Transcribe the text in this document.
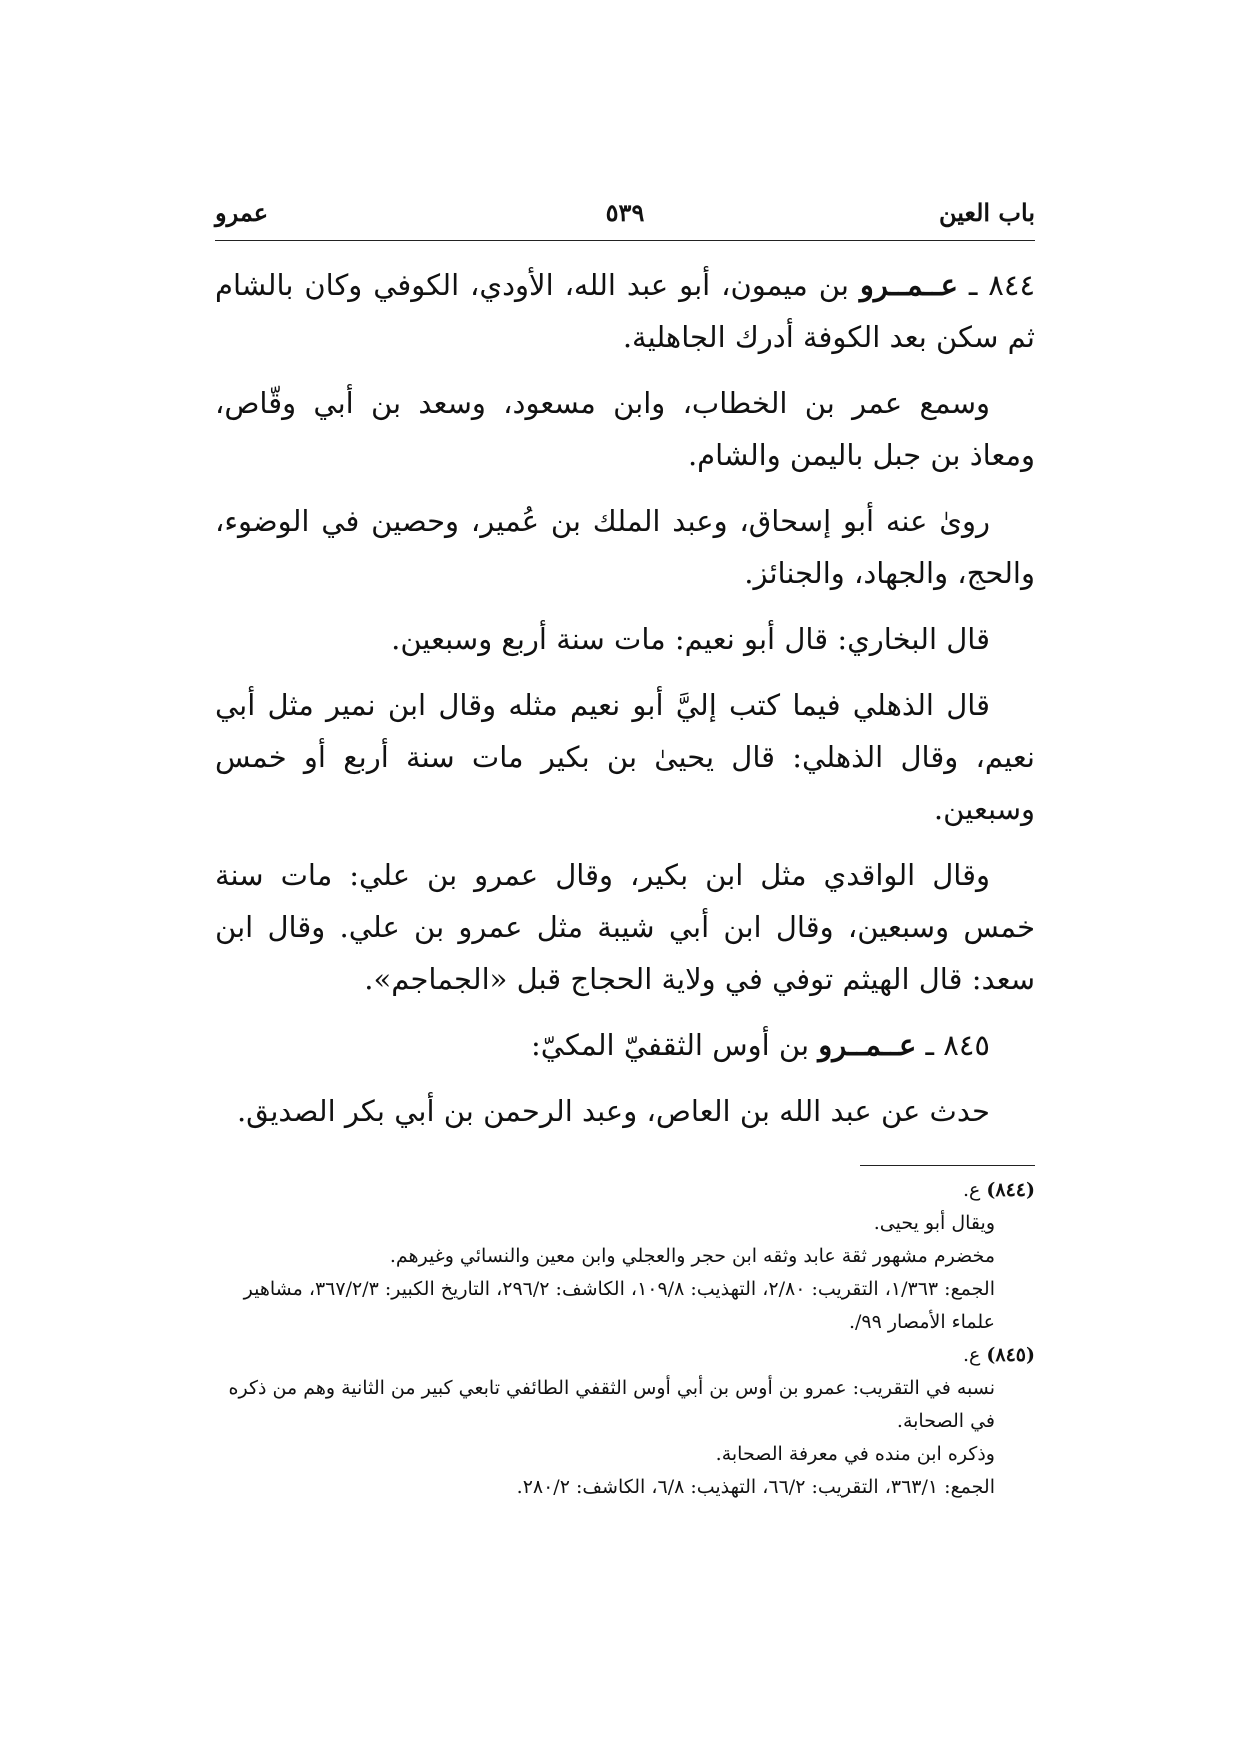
باب العين
٥٣٩
عمرو

٨٤٤ ـ عــمــرو بن ميمون، أبو عبد الله، الأودي، الكوفي وكان بالشام ثم سكن بعد الكوفة أدرك الجاهلية.

وسمع عمر بن الخطاب، وابن مسعود، وسعد بن أبي وقّاص، ومعاذ بن جبل باليمن والشام.

روىٰ عنه أبو إسحاق، وعبد الملك بن عُمير، وحصين في الوضوء، والحج، والجهاد، والجنائز.

قال البخاري: قال أبو نعيم: مات سنة أربع وسبعين.

قال الذهلي فيما كتب إليَّ أبو نعيم مثله وقال ابن نمير مثل أبي نعيم، وقال الذهلي: قال يحيىٰ بن بكير مات سنة أربع أو خمس وسبعين.

وقال الواقدي مثل ابن بكير، وقال عمرو بن علي: مات سنة خمس وسبعين، وقال ابن أبي شيبة مثل عمرو بن علي. وقال ابن سعد: قال الهيثم توفي في ولاية الحجاج قبل «الجماجم».

٨٤٥ ـ عــمــرو بن أوس الثقفيّ المكيّ:

حدث عن عبد الله بن العاص، وعبد الرحمن بن أبي بكر الصديق.

(٨٤٤) ع.

ويقال أبو يحيى.

مخضرم مشهور ثقة عابد وثقه ابن حجر والعجلي وابن معين والنسائي وغيرهم.

الجمع: ١/٣٦٣، التقريب: ٢/٨٠، التهذيب: ١٠٩/٨، الكاشف: ٢٩٦/٢، التاريخ الكبير: ٣٦٧/٢/٣، مشاهير علماء الأمصار ٩٩/.

(٨٤٥) ع.

نسبه في التقريب: عمرو بن أوس بن أبي أوس الثقفي الطائفي تابعي كبير من الثانية وهم من ذكره في الصحابة.

وذكره ابن منده في معرفة الصحابة.

الجمع: ٣٦٣/١، التقريب: ٦٦/٢، التهذيب: ٦/٨، الكاشف: ٢٨٠/٢.
